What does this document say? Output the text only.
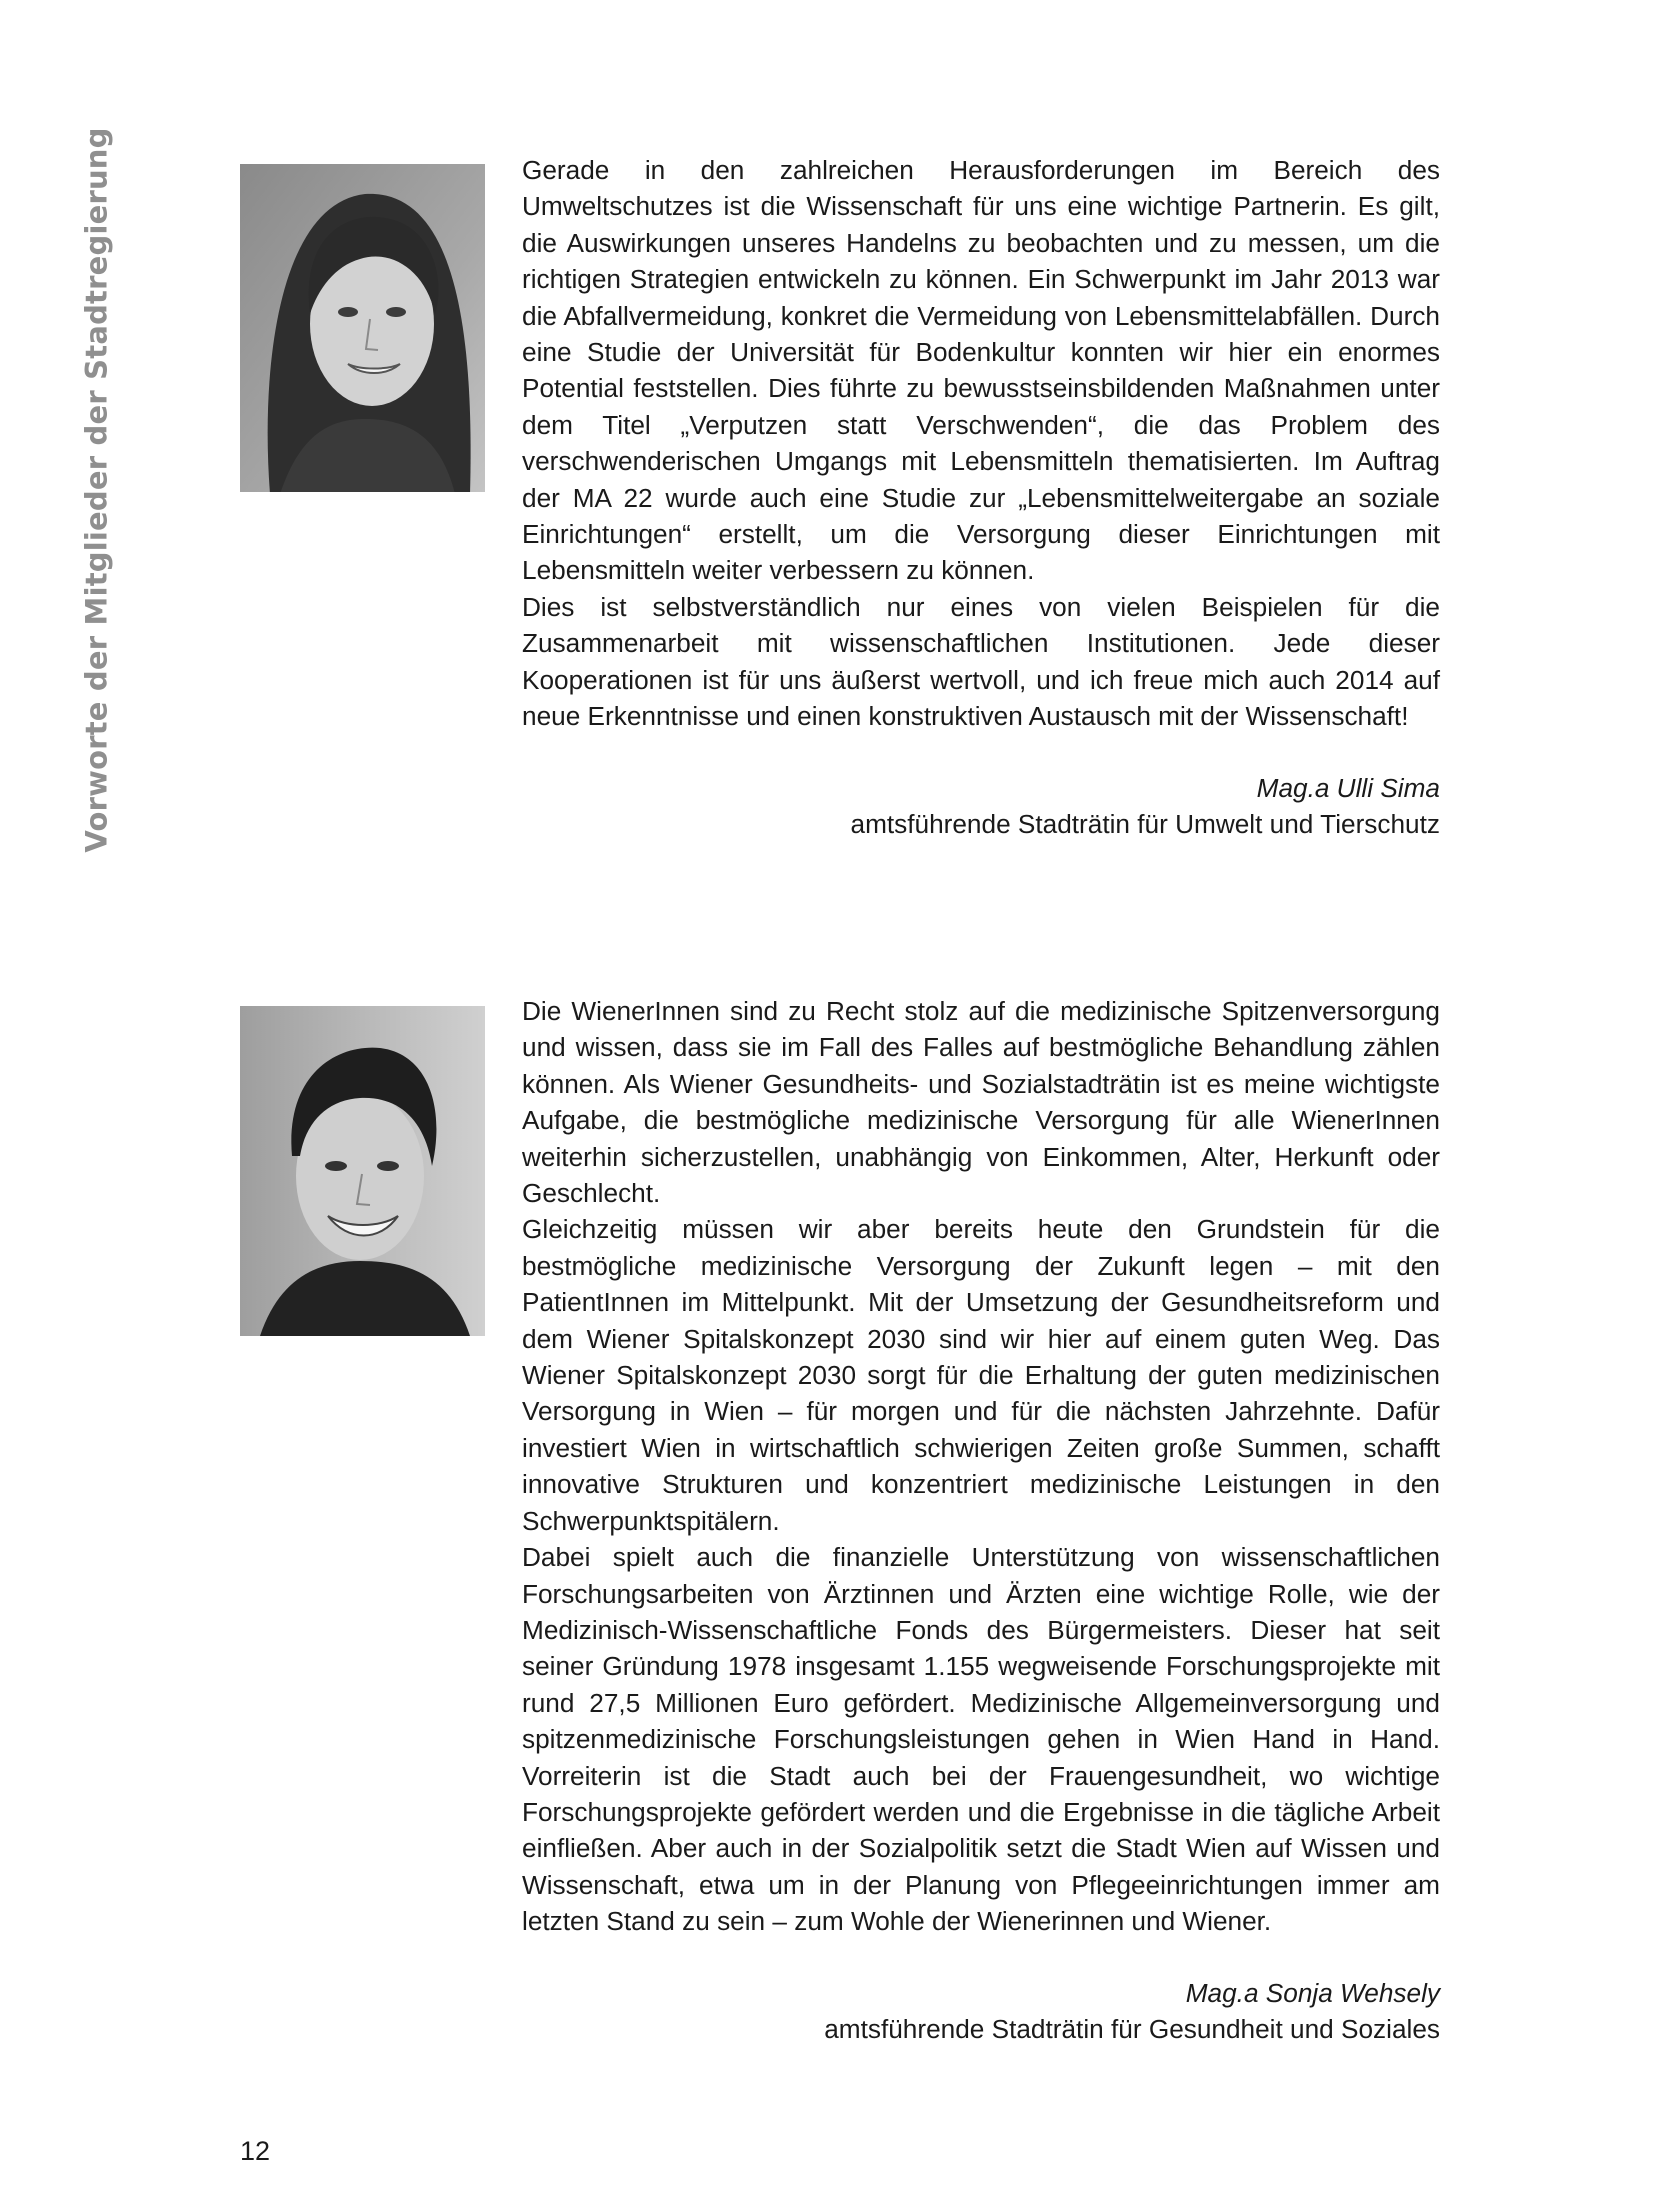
Vorworte der Mitglieder der Stadtregierung	Gerade in den zahlreichen Herausforderungen im Bereich des Umweltschutzes ist die Wissenschaft für uns eine wichtige Partnerin. Es gilt, die Auswirkungen unseres Handelns zu beobachten und zu messen, um die richtigen Strategien entwickeln zu können. Ein Schwerpunkt im Jahr 2013 war die Abfallvermeidung, konkret die Vermeidung von Lebensmittelabfällen. Durch eine Studie der Universität für Bodenkultur konnten wir hier ein enormes Potential feststellen. Dies führte zu bewusstseinsbildenden Maßnahmen unter dem Titel „Verputzen statt Verschwenden“, die das Problem des verschwenderischen Umgangs mit Lebensmitteln thematisierten. Im Auftrag der MA 22 wurde auch eine Studie zur „Lebensmittelweitergabe an soziale Einrichtungen“ erstellt, um die Versorgung dieser Einrichtungen mit Lebensmitteln weiter verbessern zu können.

Dies ist selbstverständlich nur eines von vielen Beispielen für die Zusammenarbeit mit wissenschaftlichen Institutionen. Jede dieser Kooperationen ist für uns äußerst wertvoll, und ich freue mich auch 2014 auf neue Erkenntnisse und einen konstruktiven Austausch mit der Wissenschaft!

Mag.a Ulli Sima
amtsführende Stadträtin für Umwelt und Tierschutz

Die WienerInnen sind zu Recht stolz auf die medizinische Spitzenversorgung und wissen, dass sie im Fall des Falles auf bestmögliche Behandlung zählen können. Als Wiener Gesundheits- und Sozialstadträtin ist es meine wichtigste Aufgabe, die bestmögliche medizinische Versorgung für alle WienerInnen weiterhin sicherzustellen, unabhängig von Einkommen, Alter, Herkunft oder Geschlecht.

Gleichzeitig müssen wir aber bereits heute den Grundstein für die bestmögliche medizinische Versorgung der Zukunft legen – mit den PatientInnen im Mittelpunkt. Mit der Umsetzung der Gesundheitsreform und dem Wiener Spitalskonzept 2030 sind wir hier auf einem guten Weg. Das Wiener Spitalskonzept 2030 sorgt für die Erhaltung der guten medizinischen Versorgung in Wien – für morgen und für die nächsten Jahrzehnte. Dafür investiert Wien in wirtschaftlich schwierigen Zeiten große Summen, schafft innovative Strukturen und konzentriert medizinische Leistungen in den Schwerpunktspitälern.

Dabei spielt auch die finanzielle Unterstützung von wissenschaftlichen Forschungsarbeiten von Ärztinnen und Ärzten eine wichtige Rolle, wie der Medizinisch-Wissenschaftliche Fonds des Bürgermeisters. Dieser hat seit seiner Gründung 1978 insgesamt 1.155 wegweisende Forschungsprojekte mit rund 27,5 Millionen Euro gefördert. Medizinische Allgemeinversorgung und spitzenmedizinische Forschungsleistungen gehen in Wien Hand in Hand. Vorreiterin ist die Stadt auch bei der Frauengesundheit, wo wichtige Forschungsprojekte gefördert werden und die Ergebnisse in die tägliche Arbeit einfließen. Aber auch in der Sozialpolitik setzt die Stadt Wien auf Wissen und Wissenschaft, etwa um in der Planung von Pflegeeinrichtungen immer am letzten Stand zu sein – zum Wohle der Wienerinnen und Wiener.

Mag.a Sonja Wehsely
amtsführende Stadträtin für Gesundheit und Soziales
12
